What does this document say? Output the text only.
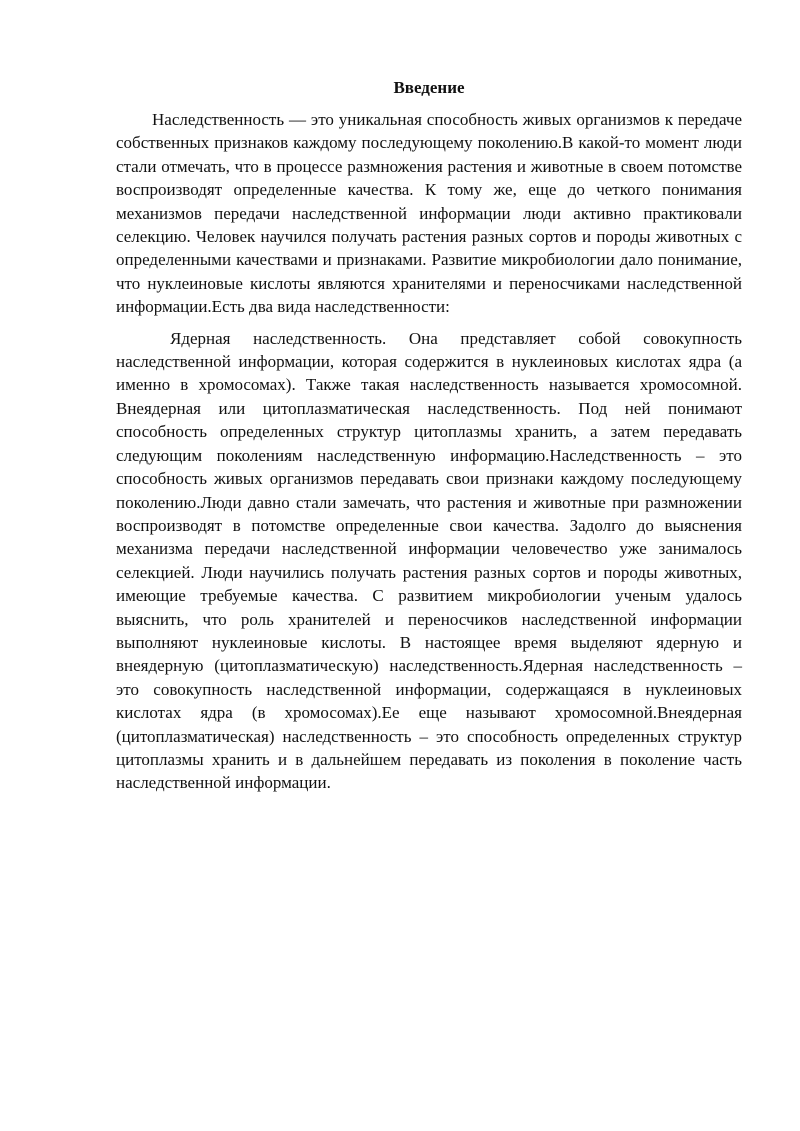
Введение

Наследственность — это уникальная способность живых организмов к передаче собственных признаков каждому последующему поколению.В какой-то момент люди стали отмечать, что в процессе размножения растения и животные в своем потомстве воспроизводят определенные качества. К тому же, еще до четкого понимания механизмов передачи наследственной информации люди активно практиковали селекцию. Человек научился получать растения разных сортов и породы животных с определенными качествами и признаками. Развитие микробиологии дало понимание, что нуклеиновые кислоты являются хранителями и переносчиками наследственной информации.Есть два вида наследственности:

Ядерная наследственность. Она представляет собой совокупность наследственной информации, которая содержится в нуклеиновых кислотах ядра (а именно в хромосомах). Также такая наследственность называется хромосомной. Внеядерная или цитоплазматическая наследственность. Под ней понимают способность определенных структур цитоплазмы хранить, а затем передавать следующим поколениям наследственную информацию.Наследственность – это способность живых организмов передавать свои признаки каждому последующему поколению.Люди давно стали замечать, что растения и животные при размножении воспроизводят в потомстве определенные свои качества. Задолго до выяснения механизма передачи наследственной информации человечество уже занималось селекцией. Люди научились получать растения разных сортов и породы животных, имеющие требуемые качества. С развитием микробиологии ученым удалось выяснить, что роль хранителей и переносчиков наследственной информации выполняют нуклеиновые кислоты. В настоящее время выделяют ядерную и внеядерную (цитоплазматическую) наследственность.Ядерная наследственность – это совокупность наследственной информации, содержащаяся в нуклеиновых кислотах ядра (в хромосомах).Ее еще называют хромосомной.Внеядерная (цитоплазматическая) наследственность – это способность определенных структур цитоплазмы хранить и в дальнейшем передавать из поколения в поколение часть наследственной информации.
